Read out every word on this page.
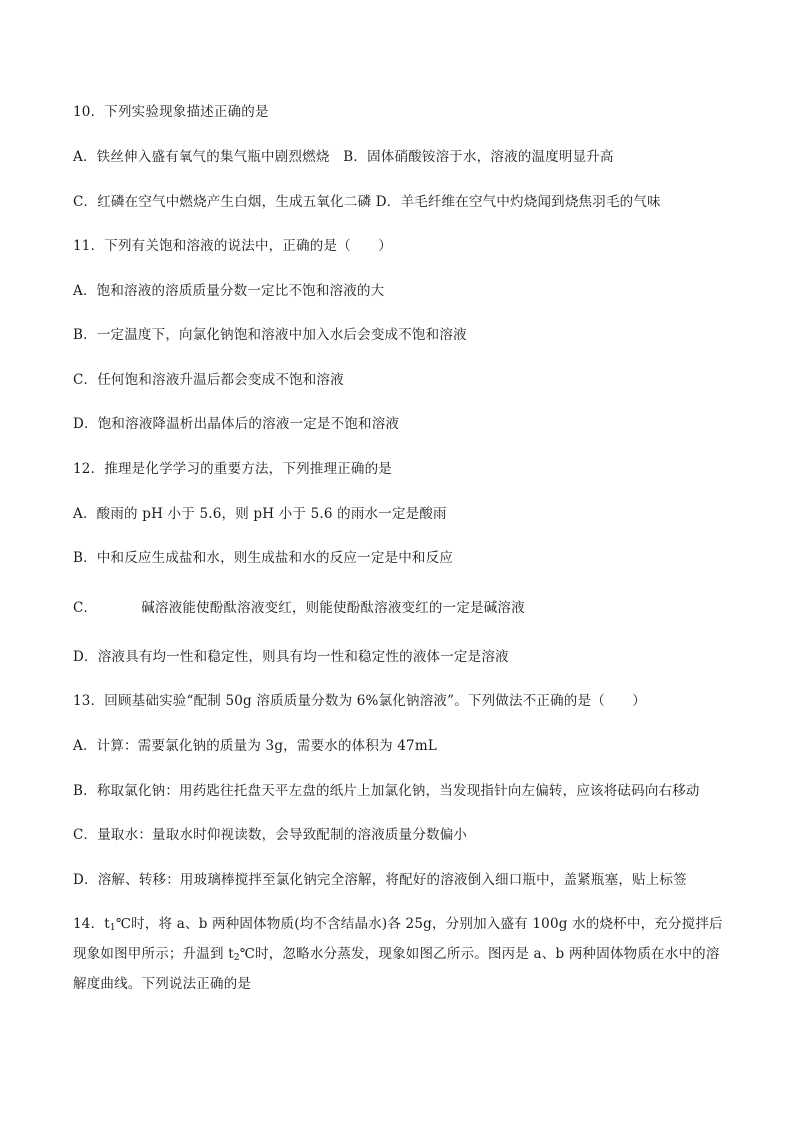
10．下列实验现象描述正确的是
A．铁丝伸入盛有氧气的集气瓶中剧烈燃烧　B．固体硝酸铵溶于水，溶液的温度明显升高
C．红磷在空气中燃烧产生白烟，生成五氧化二磷 D．羊毛纤维在空气中灼烧闻到烧焦羽毛的气味
11．下列有关饱和溶液的说法中，正确的是（　　）
A．饱和溶液的溶质质量分数一定比不饱和溶液的大
B．一定温度下，向氯化钠饱和溶液中加入水后会变成不饱和溶液
C．任何饱和溶液升温后都会变成不饱和溶液
D．饱和溶液降温析出晶体后的溶液一定是不饱和溶液
12．推理是化学学习的重要方法，下列推理正确的是
A．酸雨的 pH 小于 5.6，则 pH 小于 5.6 的雨水一定是酸雨
B．中和反应生成盐和水，则生成盐和水的反应一定是中和反应
C．	碱溶液能使酚酞溶液变红，则能使酚酞溶液变红的一定是碱溶液
D．溶液具有均一性和稳定性，则具有均一性和稳定性的液体一定是溶液
13．回顾基础实验“配制 50g 溶质质量分数为 6%氯化钠溶液”。下列做法不正确的是（　　）
A．计算：需要氯化钠的质量为 3g，需要水的体积为 47mL
B．称取氯化钠：用药匙往托盘天平左盘的纸片上加氯化钠，当发现指针向左偏转，应该将砝码向右移动
C．量取水：量取水时仰视读数，会导致配制的溶液质量分数偏小
D．溶解、转移：用玻璃棒搅拌至氯化钠完全溶解，将配好的溶液倒入细口瓶中，盖紧瓶塞，贴上标签
14．$t_1℃$时，将 a、b 两种固体物质(均不含结晶水)各 25g，分别加入盛有 100g 水的烧杯中，充分搅拌后现象如图甲所示；升温到 $t_2℃$时，忽略水分蒸发，现象如图乙所示。图丙是 a、b 两种固体物质在水中的溶解度曲线。下列说法正确的是
